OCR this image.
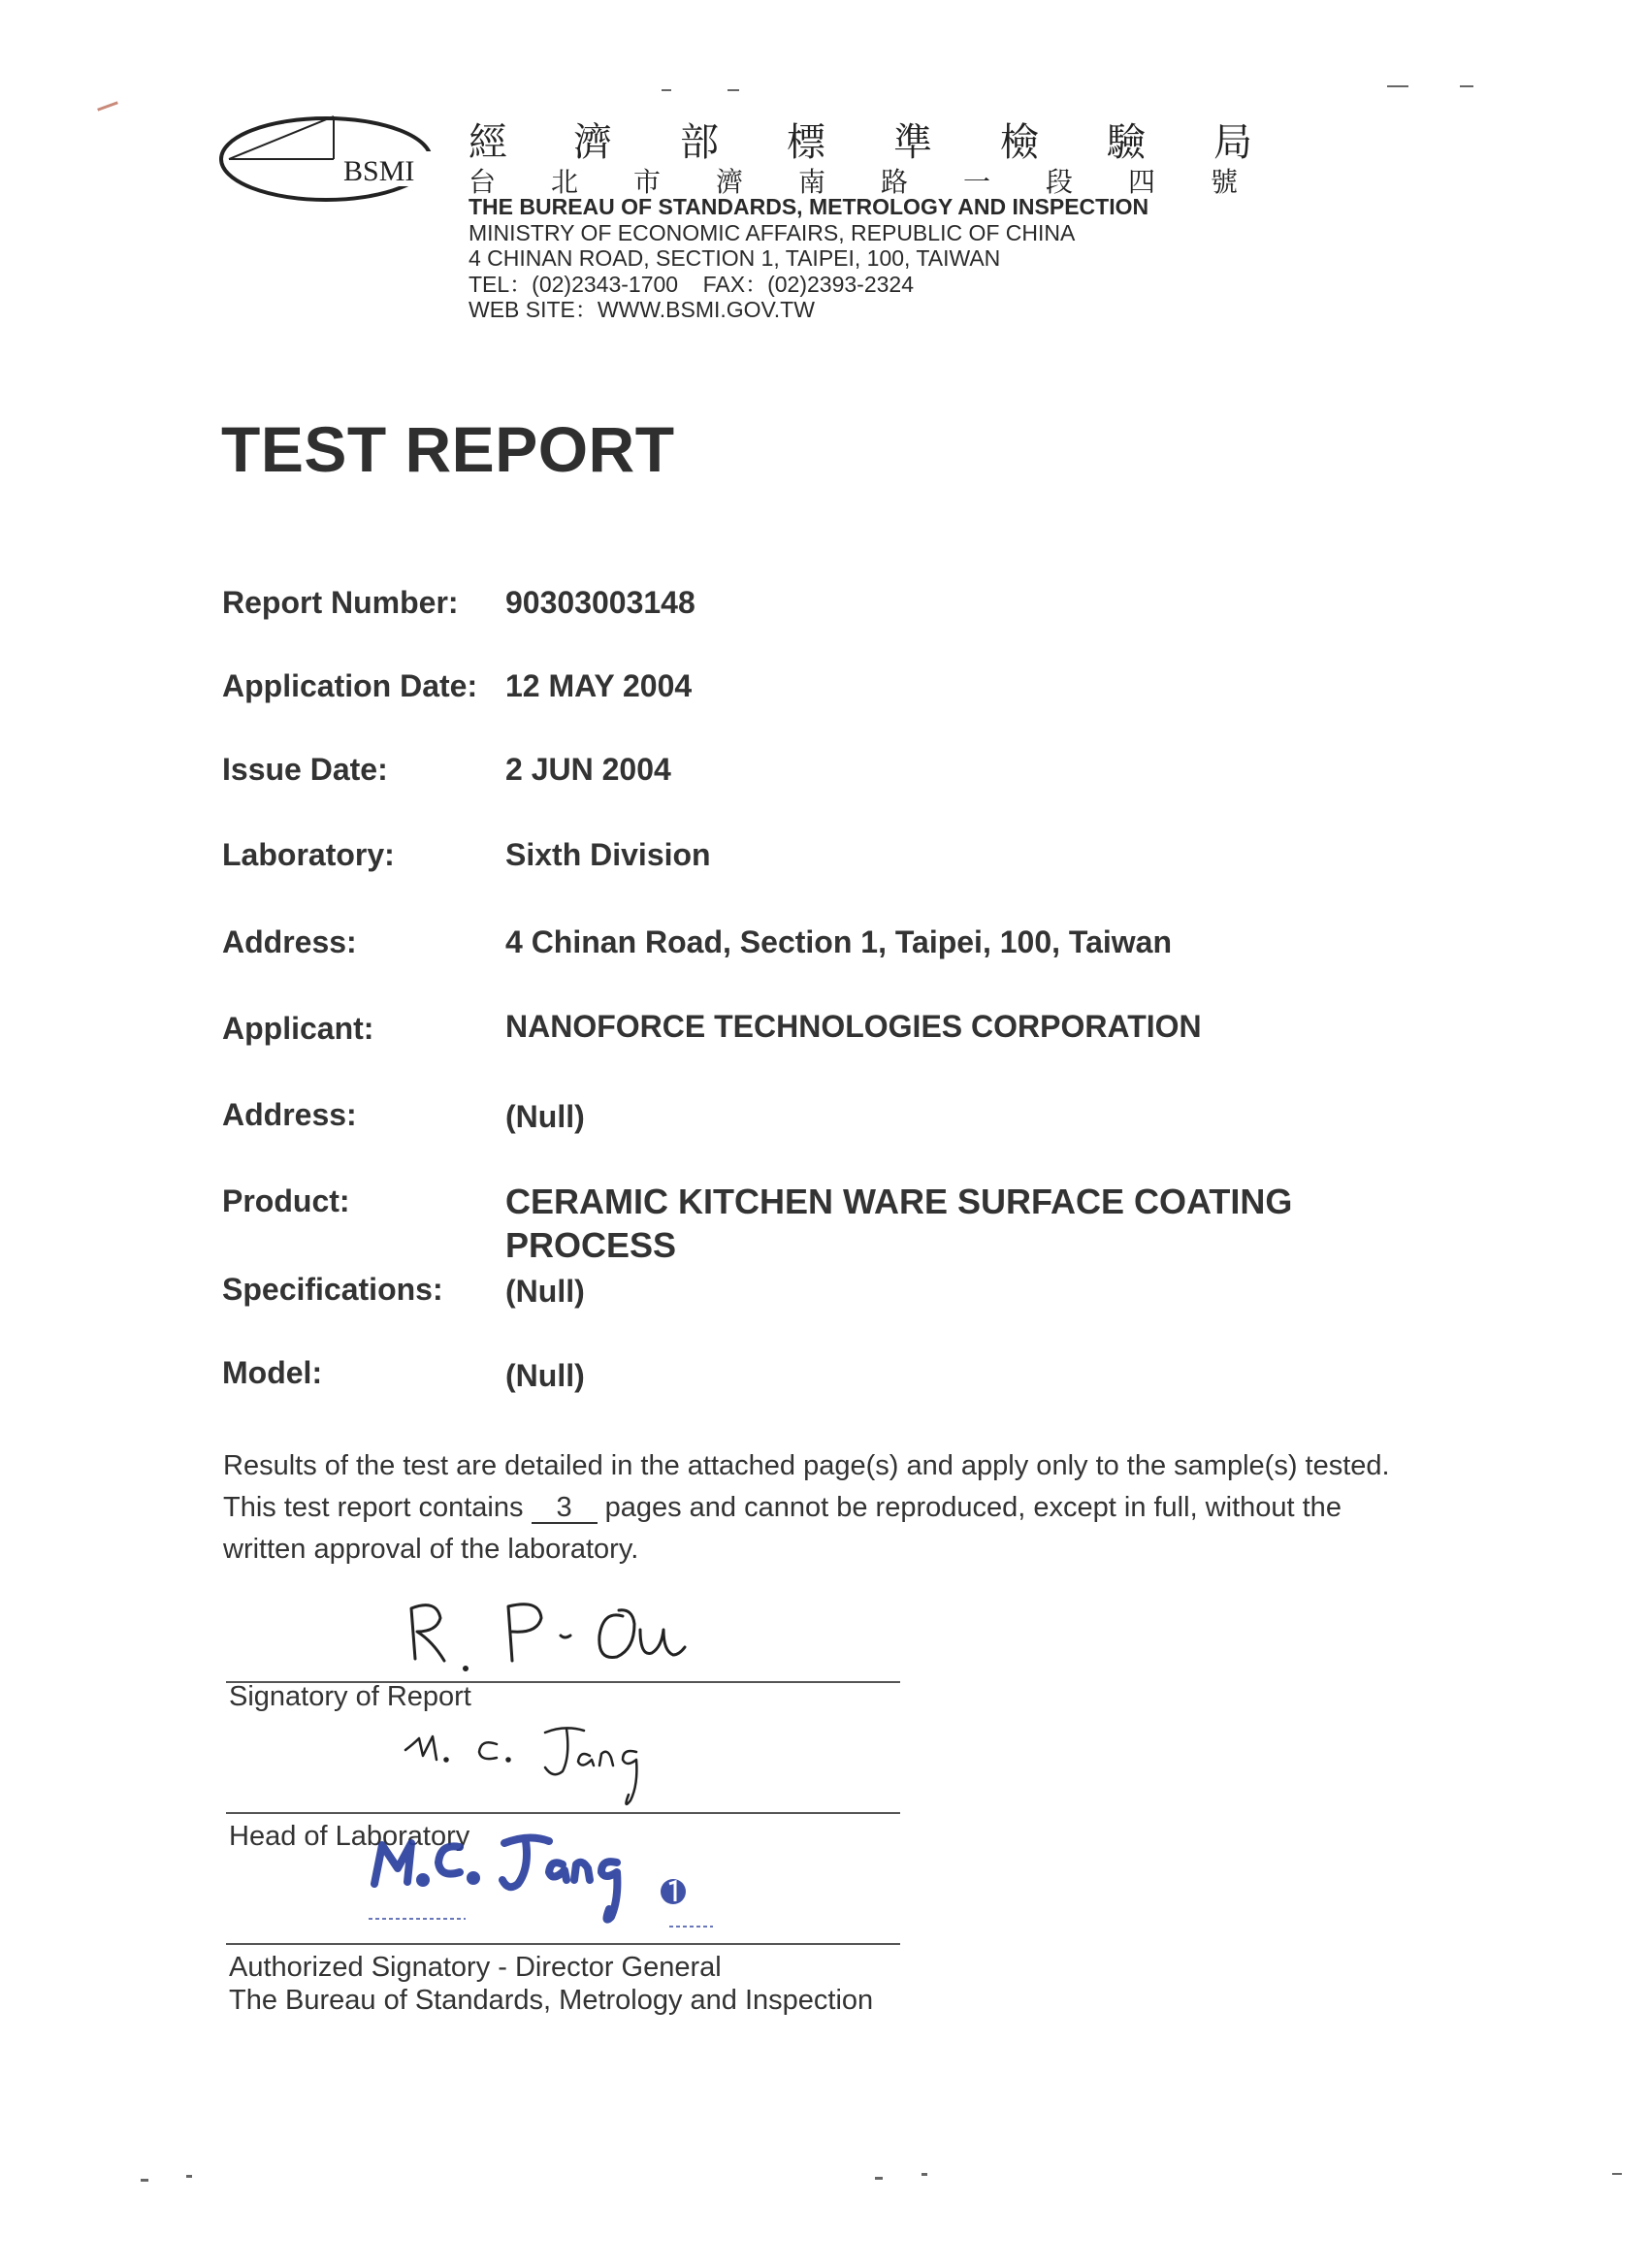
BSMI
經 濟 部 標 準 檢 驗 局
台 北 市 濟 南 路 一 段 四 號
THE BUREAU OF STANDARDS, METROLOGY AND INSPECTION
MINISTRY OF ECONOMIC AFFAIRS, REPUBLIC OF CHINA
4 CHINAN ROAD, SECTION 1, TAIPEI, 100, TAIWAN
TEL：(02)2343-1700    FAX：(02)2393-2324
WEB SITE：WWW.BSMI.GOV.TW
TEST REPORT
Report Number: 90303003148
Application Date: 12 MAY 2004
Issue Date:	2 JUN 2004
Laboratory:	Sixth Division
Address:	4 Chinan Road, Section 1, Taipei, 100, Taiwan
Applicant:	NANOFORCE TECHNOLOGIES CORPORATION
Address:	(Null)
Product:	CERAMIC KITCHEN WARE SURFACE COATING
PROCESS
Specifications: (Null)
Model:	(Null)
Results of the test are detailed in the attached page(s) and apply only to the sample(s) tested.
This test report contains 3 pages and cannot be reproduced, except in full, without the
written approval of the laboratory.
Signatory of Report
Head of Laboratory
Authorized Signatory - Director General
The Bureau of Standards, Metrology and Inspection
